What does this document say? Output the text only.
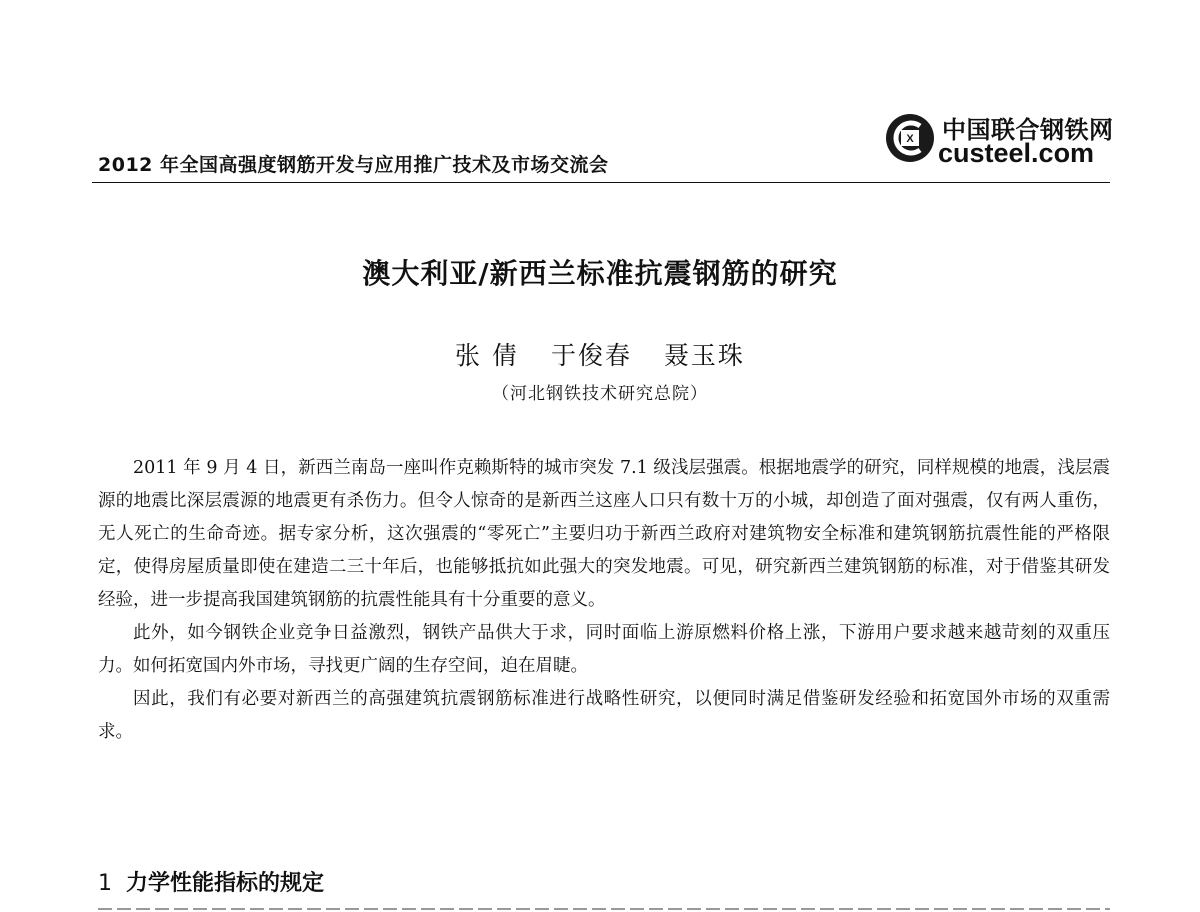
2012 年全国高强度钢筋开发与应用推广技术及市场交流会
X 中国联合钢铁网
custeel.com
澳大利亚/新西兰标准抗震钢筋的研究
张 倩 于俊春 聂玉珠
（河北钢铁技术研究总院）

2011 年 9 月 4 日，新西兰南岛一座叫作克赖斯特的城市突发 7.1 级浅层强震。根据地震学的研究，同样规模的地震，浅层震源的地震比深层震源的地震更有杀伤力。但令人惊奇的是新西兰这座人口只有数十万的小城，却创造了面对强震，仅有两人重伤，无人死亡的生命奇迹。据专家分析，这次强震的“零死亡”主要归功于新西兰政府对建筑物安全标准和建筑钢筋抗震性能的严格限定，使得房屋质量即使在建造二三十年后，也能够抵抗如此强大的突发地震。可见，研究新西兰建筑钢筋的标准，对于借鉴其研发经验，进一步提高我国建筑钢筋的抗震性能具有十分重要的意义。

此外，如今钢铁企业竞争日益激烈，钢铁产品供大于求，同时面临上游原燃料价格上涨，下游用户要求越来越苛刻的双重压力。如何拓宽国内外市场，寻找更广阔的生存空间，迫在眉睫。

因此，我们有必要对新西兰的高强建筑抗震钢筋标准进行战略性研究，以便同时满足借鉴研发经验和拓宽国外市场的双重需求。

1 力学性能指标的规定
